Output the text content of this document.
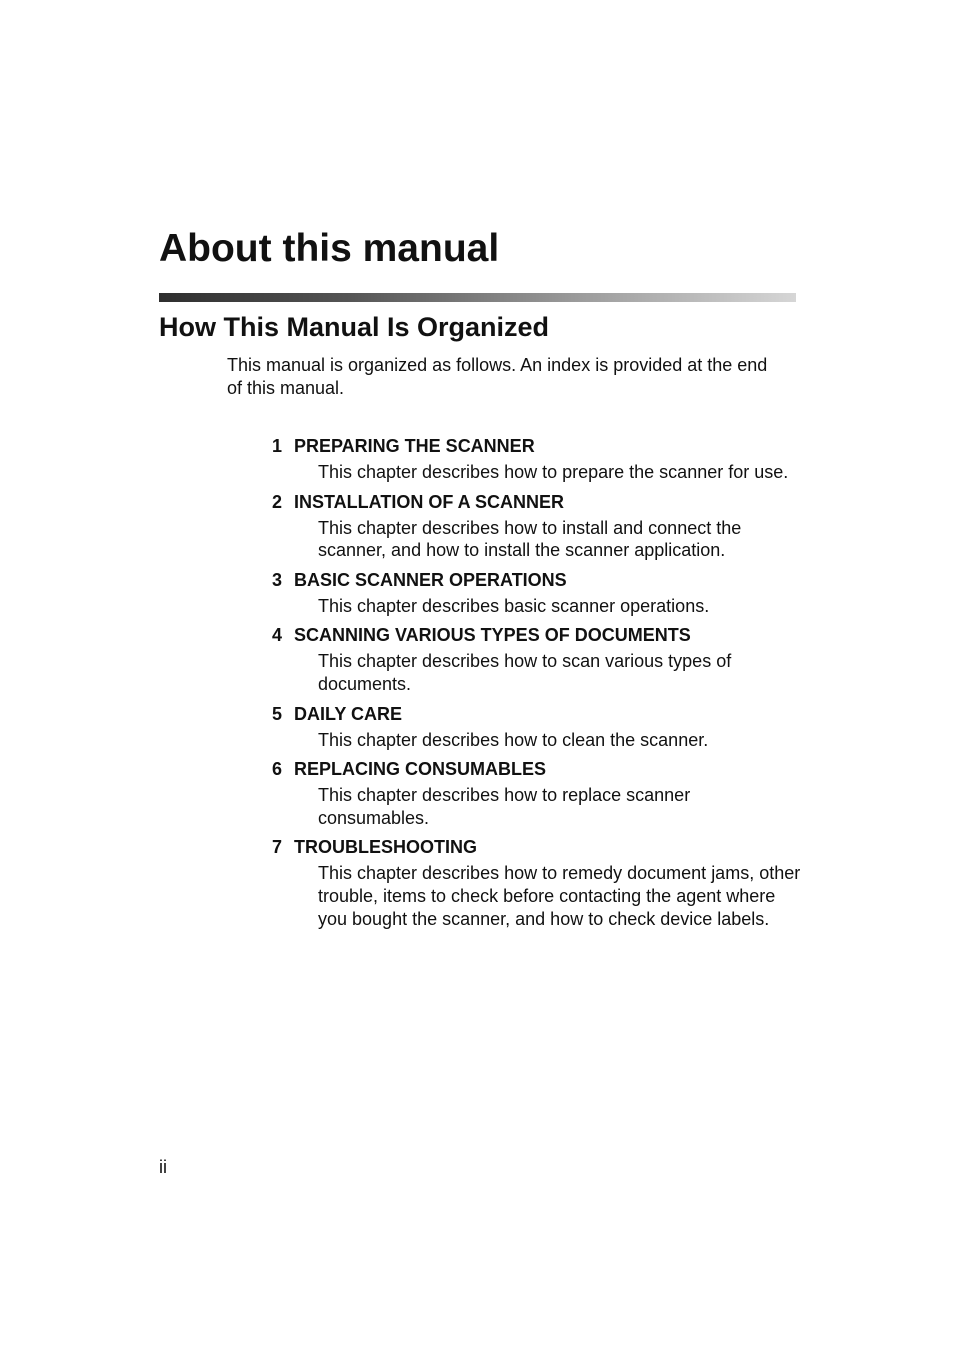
About this manual
How This Manual Is Organized

This manual is organized as follows. An index is provided at the end of this manual.

1 PREPARING THE SCANNER

This chapter describes how to prepare the scanner for use.

2 INSTALLATION OF A SCANNER

This chapter describes how to install and connect the scanner, and how to install the scanner application.

3 BASIC SCANNER OPERATIONS

This chapter describes basic scanner operations.

4 SCANNING VARIOUS TYPES OF DOCUMENTS

This chapter describes how to scan various types of documents.

5 DAILY CARE

This chapter describes how to clean the scanner.

6 REPLACING CONSUMABLES

This chapter describes how to replace scanner consumables.

7 TROUBLESHOOTING

This chapter describes how to remedy document jams, other trouble, items to check before contacting the agent where you bought the scanner, and how to check device labels.

ii
